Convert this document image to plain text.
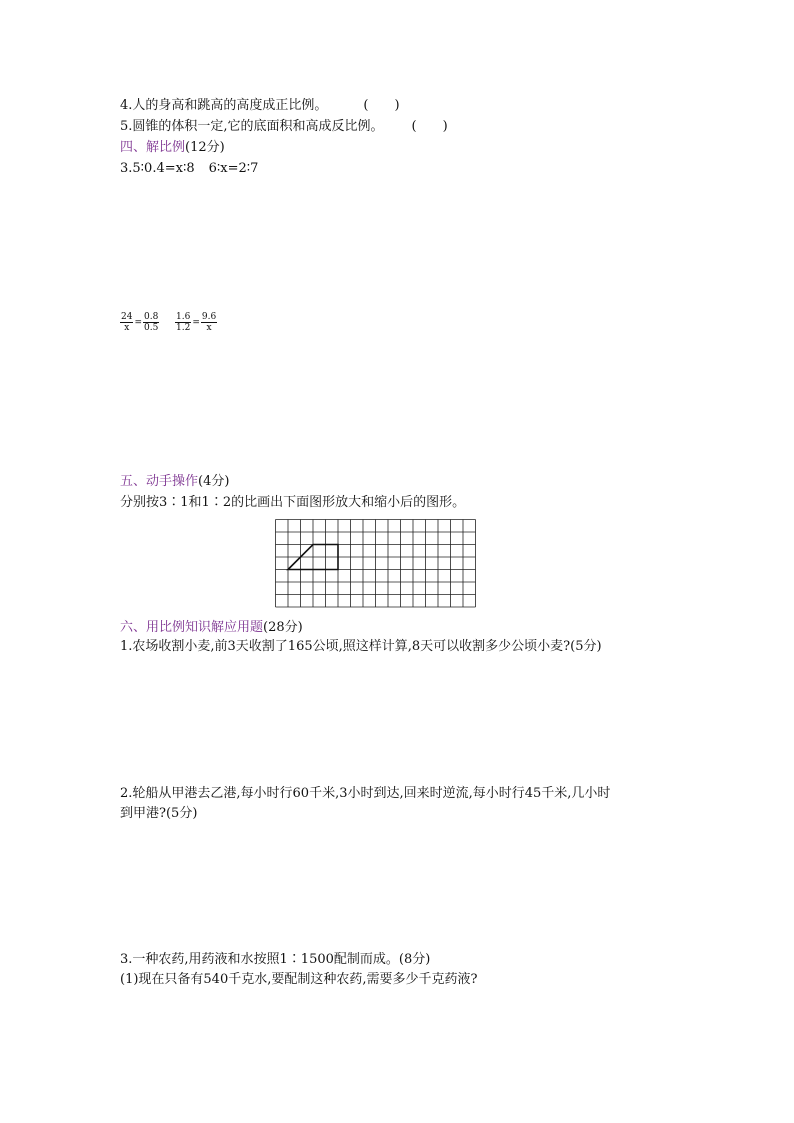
4.人的身高和跳高的高度成正比例。	(　　)
5.圆锥的体积一定,它的底面积和高成反比例。 (　　)
四、解比例(12分)
3.5∶0.4=x∶8 6∶x=2∶7
$\frac{24}{x} = \frac{0.8}{0.5} \frac{1.6}{1.2} = \frac{9.6}{x}$
五、动手操作(4分)
分别按3∶1和1∶2的比画出下面图形放大和缩小后的图形。
六、用比例知识解应用题(28分)
1.农场收割小麦,前3天收割了165公顷,照这样计算,8天可以收割多少公顷小麦?(5分)
2.轮船从甲港去乙港,每小时行60千米,3小时到达,回来时逆流,每小时行45千米,几小时
到甲港?(5分)
3.一种农药,用药液和水按照1∶1500配制而成。(8分)
(1)现在只备有540千克水,要配制这种农药,需要多少千克药液?
